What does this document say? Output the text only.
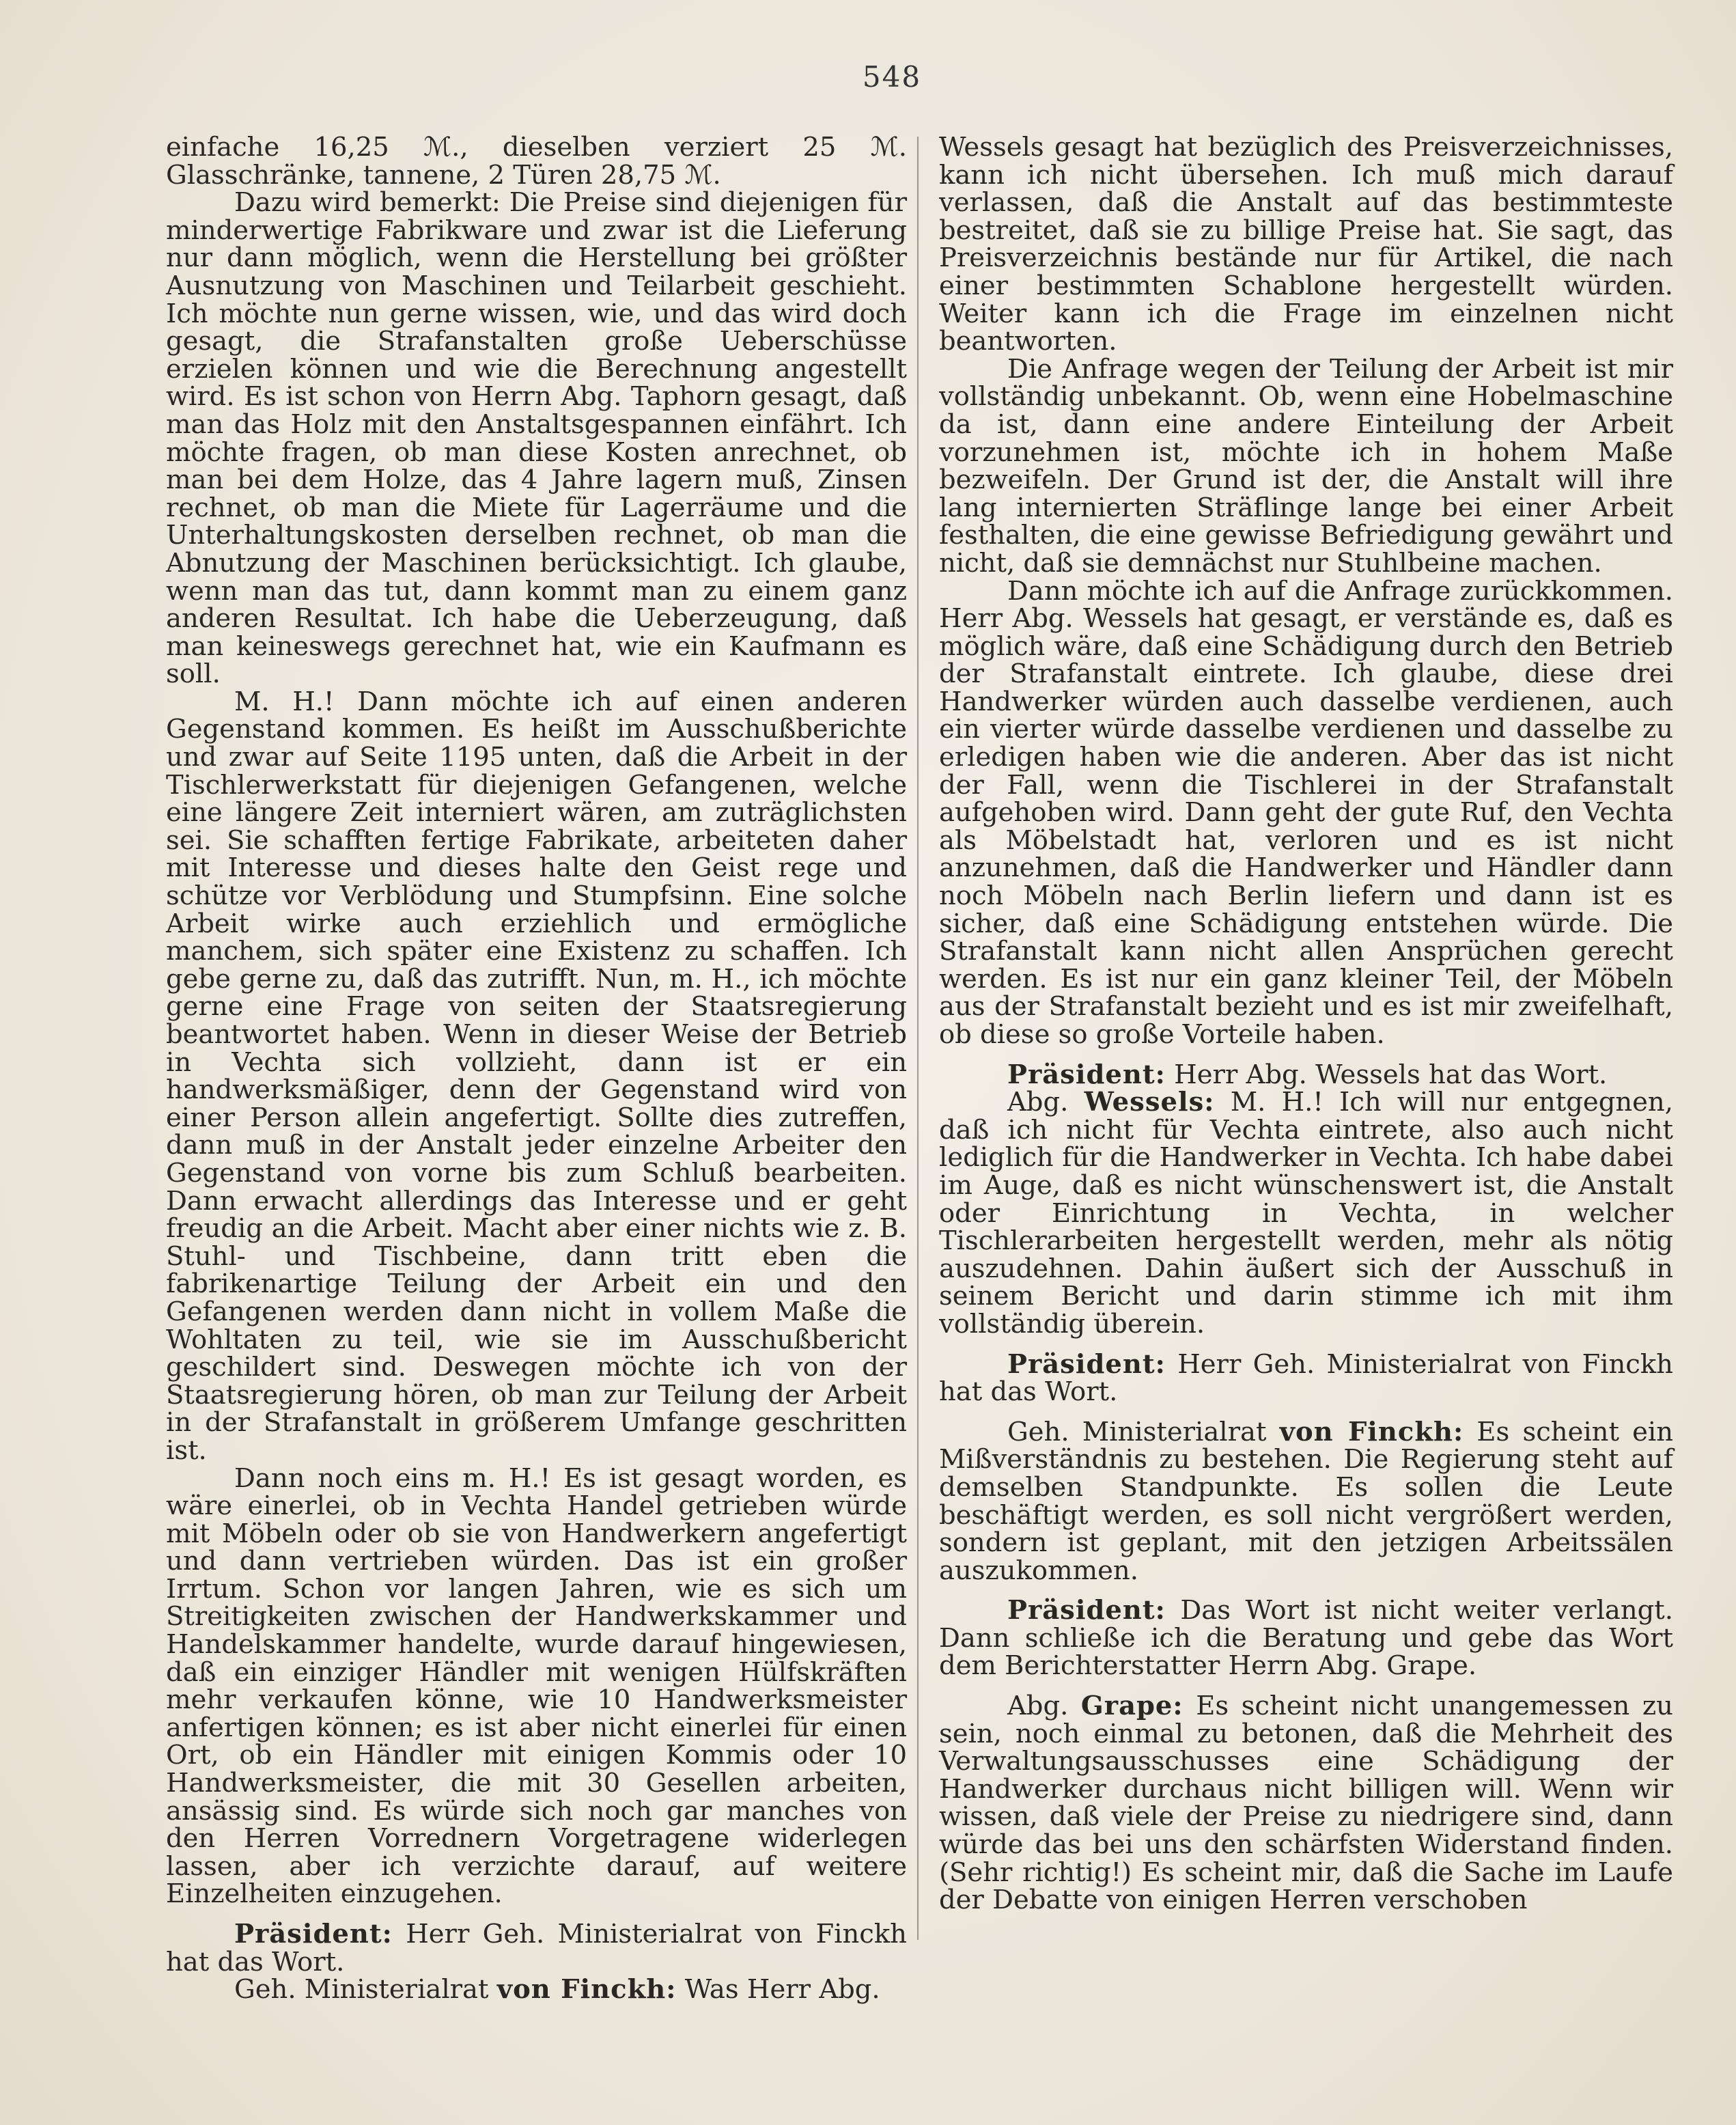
548

einfache 16,25 ℳ., dieselben verziert 25 ℳ. Glasschränke, tannene, 2 Türen 28,75 ℳ.

Dazu wird bemerkt: Die Preise sind diejenigen für minderwertige Fabrikware und zwar ist die Lieferung nur dann möglich, wenn die Herstellung bei größter Ausnutzung von Maschinen und Teilarbeit geschieht. Ich möchte nun gerne wissen, wie, und das wird doch gesagt, die Strafanstalten große Ueberschüsse erzielen können und wie die Berechnung angestellt wird. Es ist schon von Herrn Abg. Taphorn gesagt, daß man das Holz mit den Anstaltsgespannen einfährt. Ich möchte fragen, ob man diese Kosten anrechnet, ob man bei dem Holze, das 4 Jahre lagern muß, Zinsen rechnet, ob man die Miete für Lagerräume und die Unterhaltungskosten derselben rechnet, ob man die Abnutzung der Maschinen berücksichtigt. Ich glaube, wenn man das tut, dann kommt man zu einem ganz anderen Resultat. Ich habe die Ueberzeugung, daß man keineswegs gerechnet hat, wie ein Kaufmann es soll.

M. H.! Dann möchte ich auf einen anderen Gegenstand kommen. Es heißt im Ausschußberichte und zwar auf Seite 1195 unten, daß die Arbeit in der Tischlerwerkstatt für diejenigen Gefangenen, welche eine längere Zeit interniert wären, am zuträglichsten sei. Sie schafften fertige Fabrikate, arbeiteten daher mit Interesse und dieses halte den Geist rege und schütze vor Verblödung und Stumpfsinn. Eine solche Arbeit wirke auch erziehlich und ermögliche manchem, sich später eine Existenz zu schaffen. Ich gebe gerne zu, daß das zutrifft. Nun, m. H., ich möchte gerne eine Frage von seiten der Staatsregierung beantwortet haben. Wenn in dieser Weise der Betrieb in Vechta sich vollzieht, dann ist er ein handwerksmäßiger, denn der Gegenstand wird von einer Person allein angefertigt. Sollte dies zutreffen, dann muß in der Anstalt jeder einzelne Arbeiter den Gegenstand von vorne bis zum Schluß bearbeiten. Dann erwacht allerdings das Interesse und er geht freudig an die Arbeit. Macht aber einer nichts wie z. B. Stuhl- und Tischbeine, dann tritt eben die fabrikenartige Teilung der Arbeit ein und den Gefangenen werden dann nicht in vollem Maße die Wohltaten zu teil, wie sie im Ausschußbericht geschildert sind. Deswegen möchte ich von der Staatsregierung hören, ob man zur Teilung der Arbeit in der Strafanstalt in größerem Umfange geschritten ist.

Dann noch eins m. H.! Es ist gesagt worden, es wäre einerlei, ob in Vechta Handel getrieben würde mit Möbeln oder ob sie von Handwerkern angefertigt und dann vertrieben würden. Das ist ein großer Irrtum. Schon vor langen Jahren, wie es sich um Streitigkeiten zwischen der Handwerkskammer und Handelskammer handelte, wurde darauf hingewiesen, daß ein einziger Händler mit wenigen Hülfskräften mehr verkaufen könne, wie 10 Handwerksmeister anfertigen können; es ist aber nicht einerlei für einen Ort, ob ein Händler mit einigen Kommis oder 10 Handwerksmeister, die mit 30 Gesellen arbeiten, ansässig sind. Es würde sich noch gar manches von den Herren Vorrednern Vorgetragene widerlegen lassen, aber ich verzichte darauf, auf weitere Einzelheiten einzugehen.

Präsident: Herr Geh. Ministerialrat von Finckh hat das Wort.

Geh. Ministerialrat von Finckh: Was Herr Abg.

Wessels gesagt hat bezüglich des Preisverzeichnisses, kann ich nicht übersehen. Ich muß mich darauf verlassen, daß die Anstalt auf das bestimmteste bestreitet, daß sie zu billige Preise hat. Sie sagt, das Preisverzeichnis bestände nur für Artikel, die nach einer bestimmten Schablone hergestellt würden. Weiter kann ich die Frage im einzelnen nicht beantworten.

Die Anfrage wegen der Teilung der Arbeit ist mir vollständig unbekannt. Ob, wenn eine Hobelmaschine da ist, dann eine andere Einteilung der Arbeit vorzunehmen ist, möchte ich in hohem Maße bezweifeln. Der Grund ist der, die Anstalt will ihre lang internierten Sträflinge lange bei einer Arbeit festhalten, die eine gewisse Befriedigung gewährt und nicht, daß sie demnächst nur Stuhlbeine machen.

Dann möchte ich auf die Anfrage zurückkommen. Herr Abg. Wessels hat gesagt, er verstände es, daß es möglich wäre, daß eine Schädigung durch den Betrieb der Strafanstalt eintrete. Ich glaube, diese drei Handwerker würden auch dasselbe verdienen, auch ein vierter würde dasselbe verdienen und dasselbe zu erledigen haben wie die anderen. Aber das ist nicht der Fall, wenn die Tischlerei in der Strafanstalt aufgehoben wird. Dann geht der gute Ruf, den Vechta als Möbelstadt hat, verloren und es ist nicht anzunehmen, daß die Handwerker und Händler dann noch Möbeln nach Berlin liefern und dann ist es sicher, daß eine Schädigung entstehen würde. Die Strafanstalt kann nicht allen Ansprüchen gerecht werden. Es ist nur ein ganz kleiner Teil, der Möbeln aus der Strafanstalt bezieht und es ist mir zweifelhaft, ob diese so große Vorteile haben.

Präsident: Herr Abg. Wessels hat das Wort.

Abg. Wessels: M. H.! Ich will nur entgegnen, daß ich nicht für Vechta eintrete, also auch nicht lediglich für die Handwerker in Vechta. Ich habe dabei im Auge, daß es nicht wünschenswert ist, die Anstalt oder Einrichtung in Vechta, in welcher Tischlerarbeiten hergestellt werden, mehr als nötig auszudehnen. Dahin äußert sich der Ausschuß in seinem Bericht und darin stimme ich mit ihm vollständig überein.

Präsident: Herr Geh. Ministerialrat von Finckh hat das Wort.

Geh. Ministerialrat von Finckh: Es scheint ein Mißverständnis zu bestehen. Die Regierung steht auf demselben Standpunkte. Es sollen die Leute beschäftigt werden, es soll nicht vergrößert werden, sondern ist geplant, mit den jetzigen Arbeitssälen auszukommen.

Präsident: Das Wort ist nicht weiter verlangt. Dann schließe ich die Beratung und gebe das Wort dem Berichterstatter Herrn Abg. Grape.

Abg. Grape: Es scheint nicht unangemessen zu sein, noch einmal zu betonen, daß die Mehrheit des Verwaltungsausschusses eine Schädigung der Handwerker durchaus nicht billigen will. Wenn wir wissen, daß viele der Preise zu niedrigere sind, dann würde das bei uns den schärfsten Widerstand finden. (Sehr richtig!) Es scheint mir, daß die Sache im Laufe der Debatte von einigen Herren verschoben
